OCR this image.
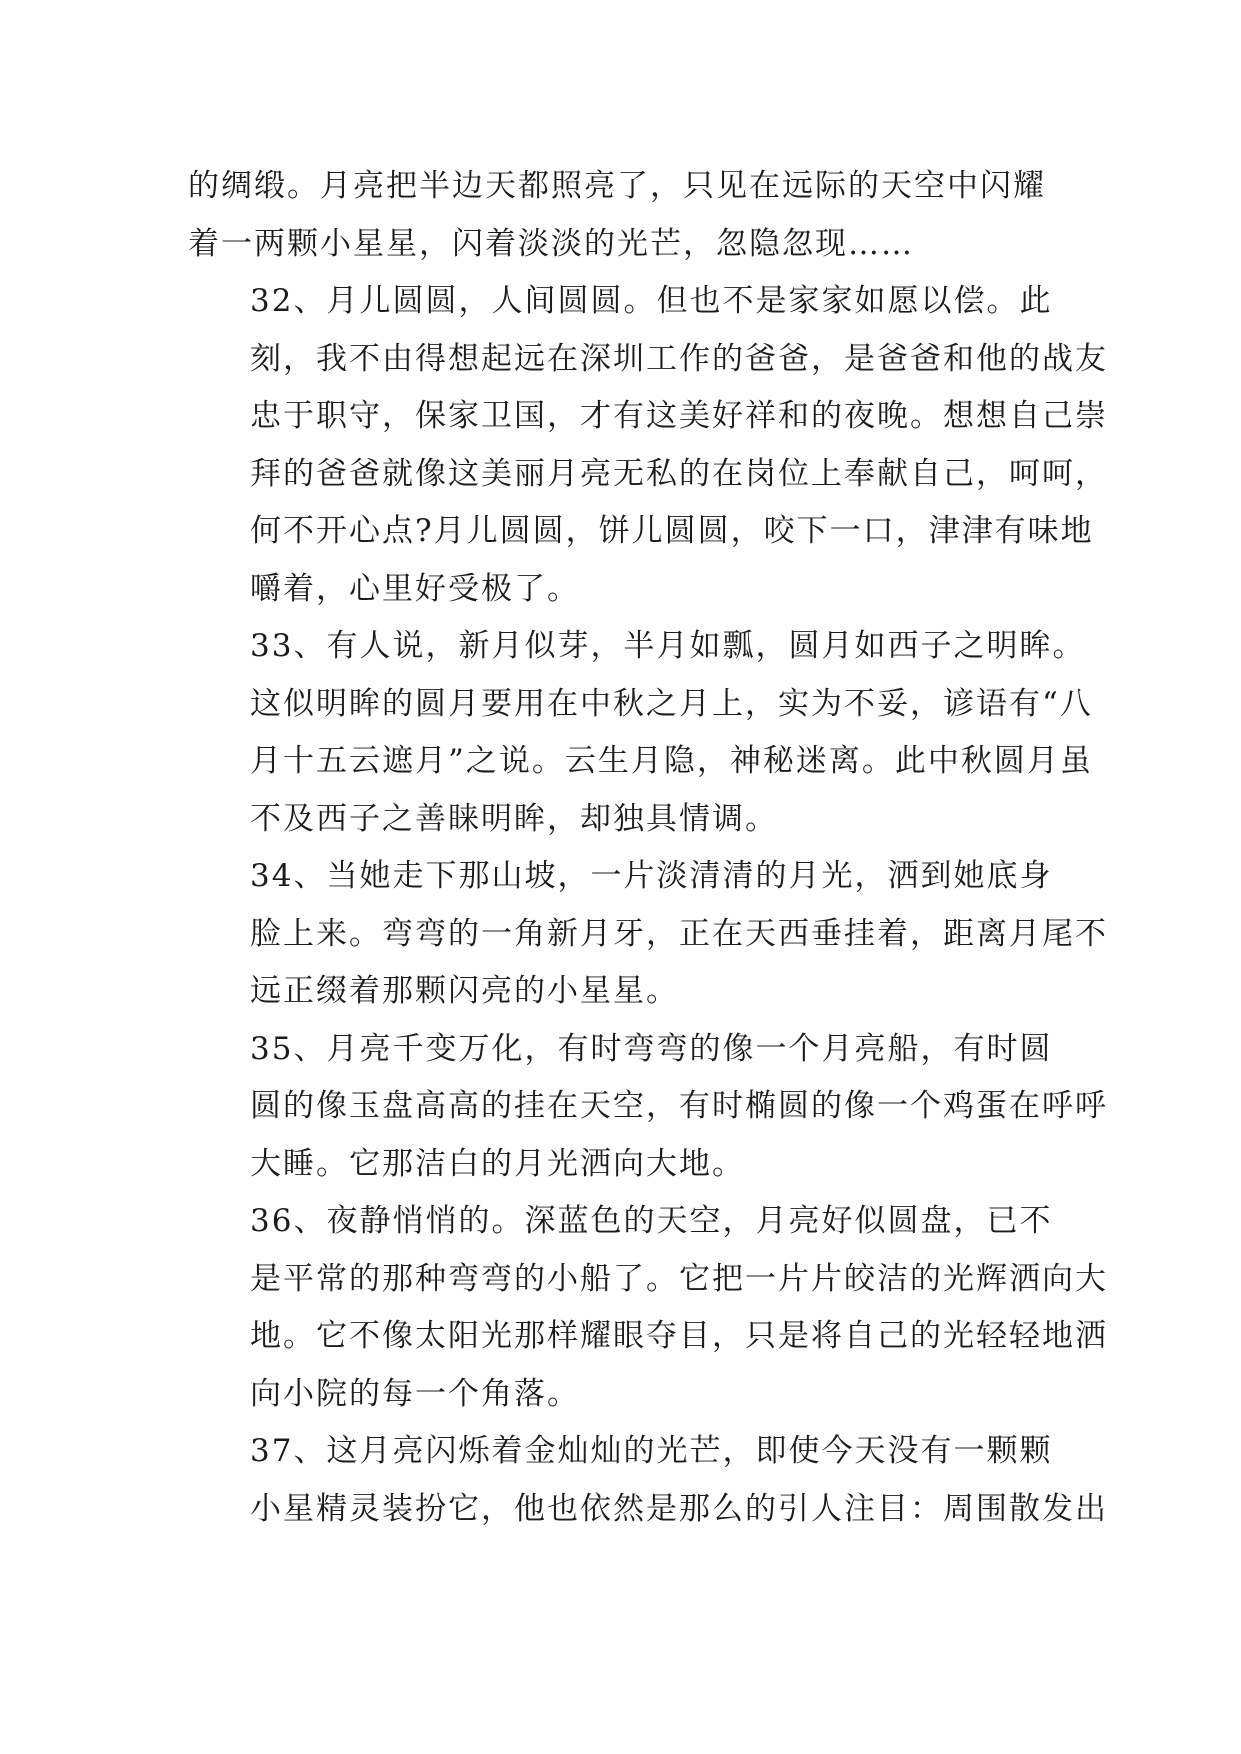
的绸缎。月亮把半边天都照亮了，只见在远际的天空中闪耀
着一两颗小星星，闪着淡淡的光芒，忽隐忽现……

32、月儿圆圆，人间圆圆。但也不是家家如愿以偿。此
刻，我不由得想起远在深圳工作的爸爸，是爸爸和他的战友
忠于职守，保家卫国，才有这美好祥和的夜晚。想想自己崇
拜的爸爸就像这美丽月亮无私的在岗位上奉献自己，呵呵，
何不开心点?月儿圆圆，饼儿圆圆，咬下一口，津津有味地
嚼着，心里好受极了。

33、有人说，新月似芽，半月如瓢，圆月如西子之明眸。
这似明眸的圆月要用在中秋之月上，实为不妥，谚语有“八
月十五云遮月”之说。云生月隐，神秘迷离。此中秋圆月虽
不及西子之善睐明眸，却独具情调。

34、当她走下那山坡，一片淡清清的月光，洒到她底身
脸上来。弯弯的一角新月牙，正在天西垂挂着，距离月尾不
远正缀着那颗闪亮的小星星。

35、月亮千变万化，有时弯弯的像一个月亮船，有时圆
圆的像玉盘高高的挂在天空，有时椭圆的像一个鸡蛋在呼呼
大睡。它那洁白的月光洒向大地。

36、夜静悄悄的。深蓝色的天空，月亮好似圆盘，已不
是平常的那种弯弯的小船了。它把一片片皎洁的光辉洒向大
地。它不像太阳光那样耀眼夺目，只是将自己的光轻轻地洒
向小院的每一个角落。

37、这月亮闪烁着金灿灿的光芒，即使今天没有一颗颗
小星精灵装扮它，他也依然是那么的引人注目：周围散发出
